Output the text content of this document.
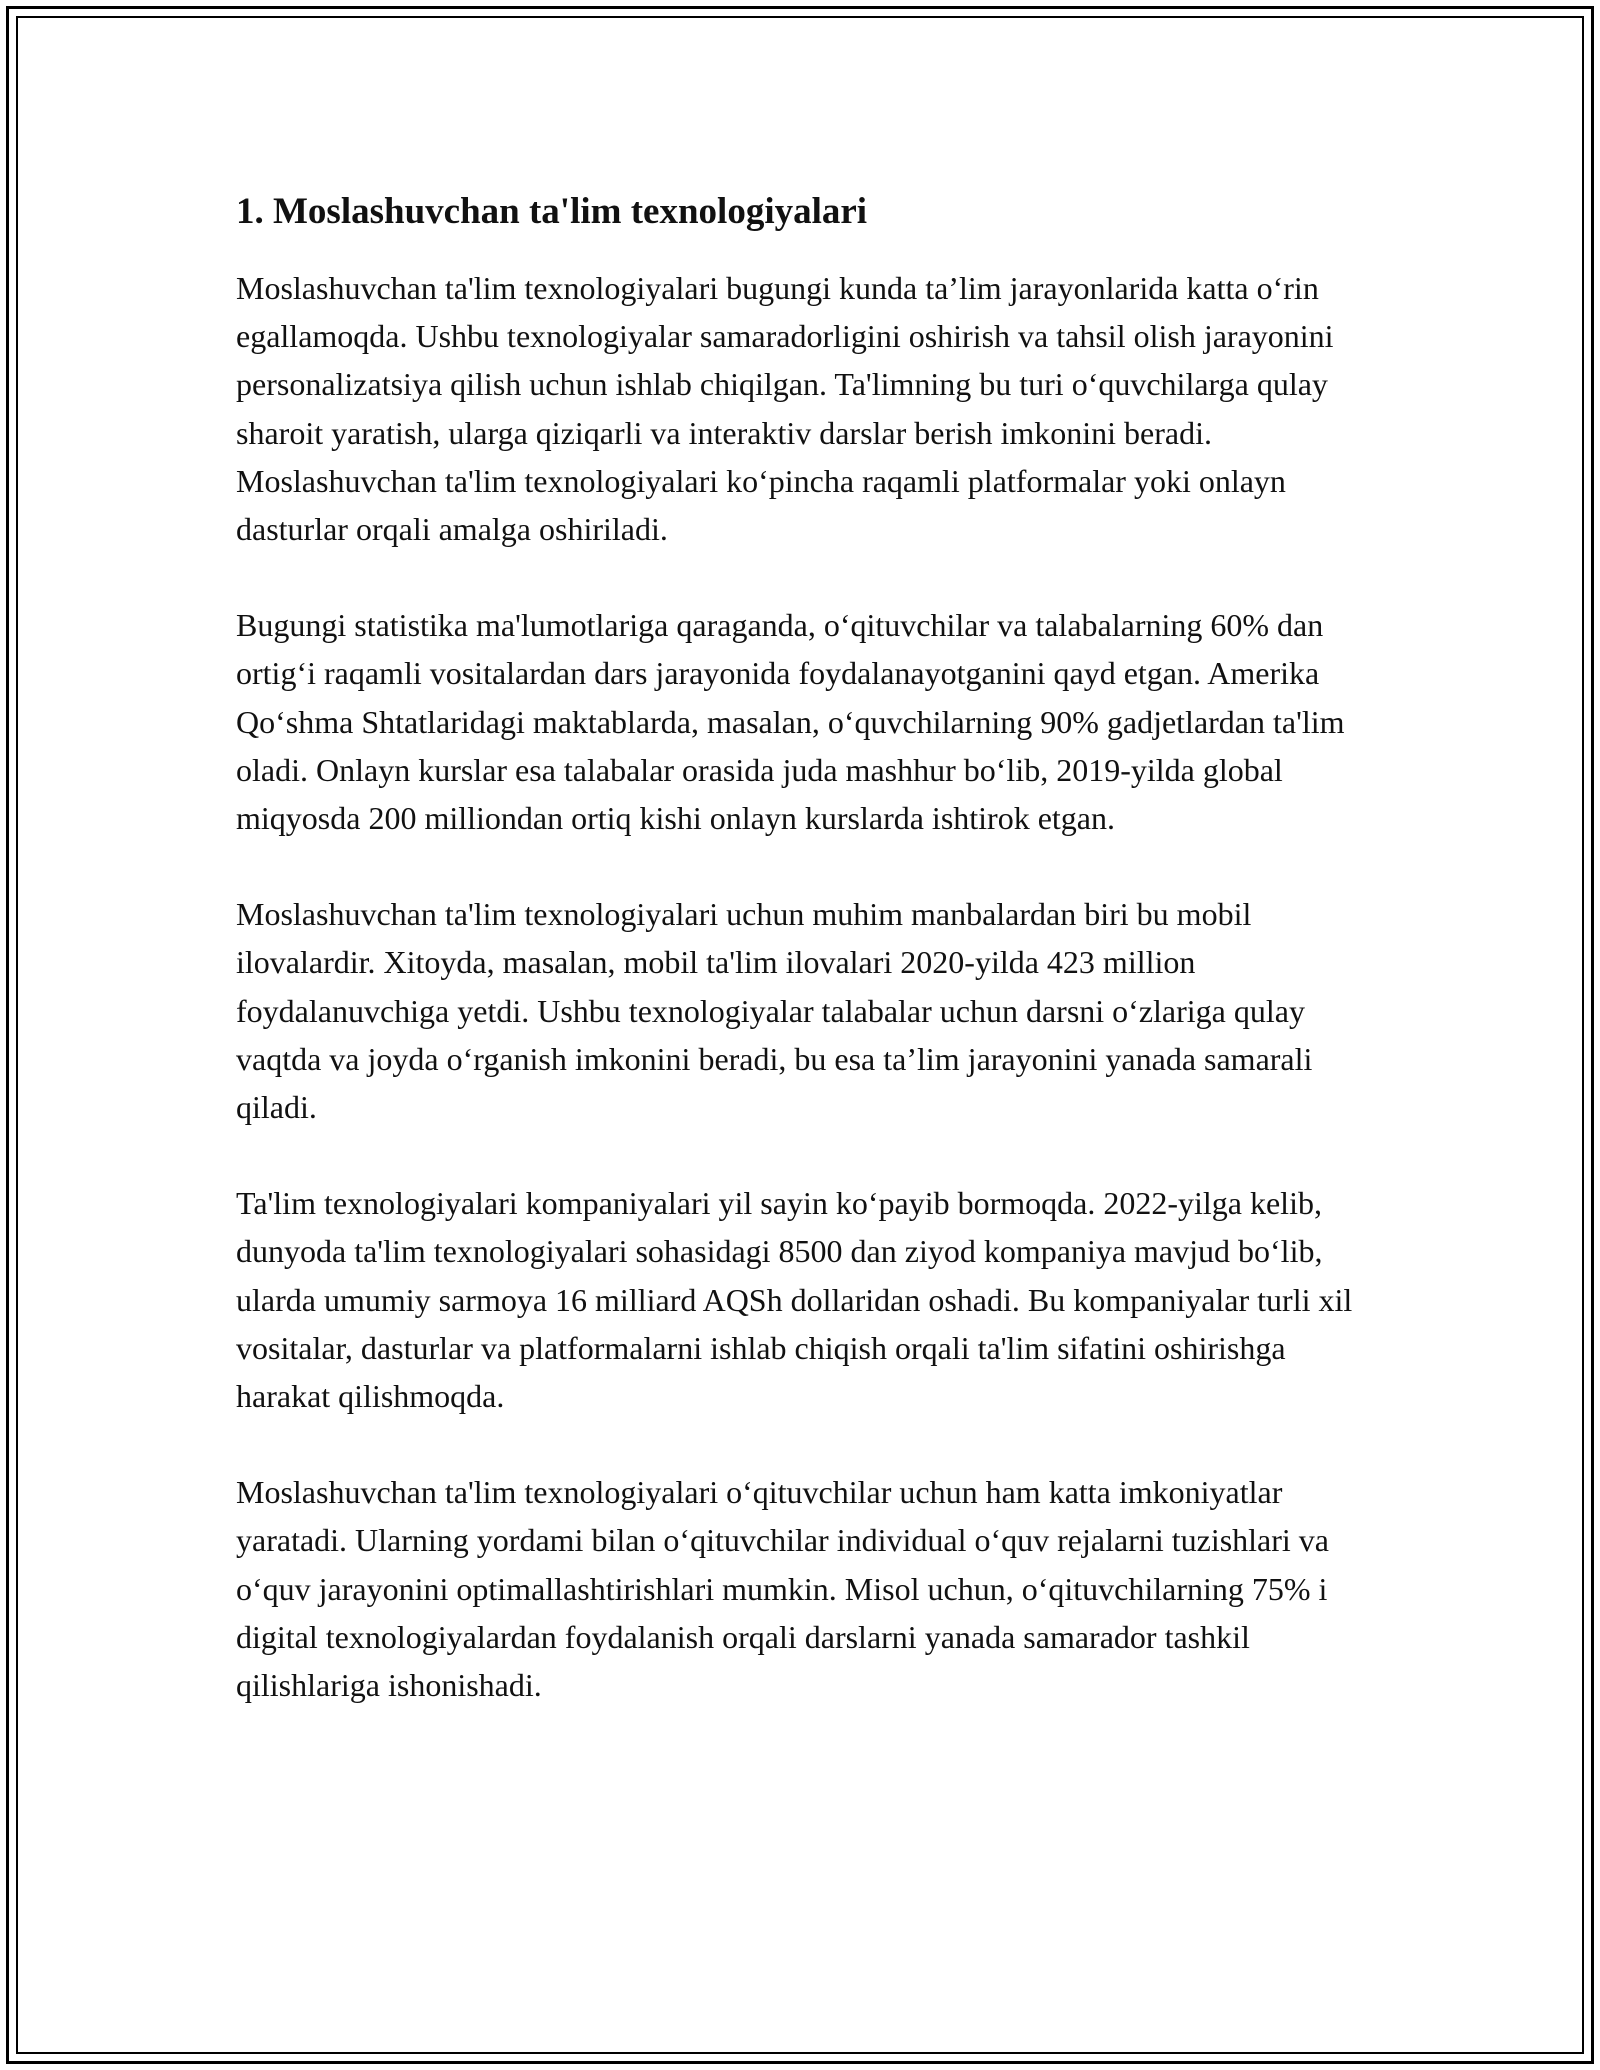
1. Moslashuvchan ta'lim texnologiyalari

Moslashuvchan ta'lim texnologiyalari bugungi kunda ta’lim jarayonlarida katta o‘rin egallamoqda. Ushbu texnologiyalar samaradorligini oshirish va tahsil olish jarayonini personalizatsiya qilish uchun ishlab chiqilgan. Ta'limning bu turi o‘quvchilarga qulay sharoit yaratish, ularga qiziqarli va interaktiv darslar berish imkonini beradi. Moslashuvchan ta'lim texnologiyalari ko‘pincha raqamli platformalar yoki onlayn dasturlar orqali amalga oshiriladi.

Bugungi statistika ma'lumotlariga qaraganda, o‘qituvchilar va talabalarning 60% dan ortig‘i raqamli vositalardan dars jarayonida foydalanayotganini qayd etgan. Amerika Qo‘shma Shtatlaridagi maktablarda, masalan, o‘quvchilarning 90% gadjetlardan ta'lim oladi. Onlayn kurslar esa talabalar orasida juda mashhur bo‘lib, 2019-yilda global miqyosda 200 milliondan ortiq kishi onlayn kurslarda ishtirok etgan.

Moslashuvchan ta'lim texnologiyalari uchun muhim manbalardan biri bu mobil ilovalardir. Xitoyda, masalan, mobil ta'lim ilovalari 2020-yilda 423 million foydalanuvchiga yetdi. Ushbu texnologiyalar talabalar uchun darsni o‘zlariga qulay vaqtda va joyda o‘rganish imkonini beradi, bu esa ta’lim jarayonini yanada samarali qiladi.

Ta'lim texnologiyalari kompaniyalari yil sayin ko‘payib bormoqda. 2022-yilga kelib, dunyoda ta'lim texnologiyalari sohasidagi 8500 dan ziyod kompaniya mavjud bo‘lib, ularda umumiy sarmoya 16 milliard AQSh dollaridan oshadi. Bu kompaniyalar turli xil vositalar, dasturlar va platformalarni ishlab chiqish orqali ta'lim sifatini oshirishga harakat qilishmoqda.

Moslashuvchan ta'lim texnologiyalari o‘qituvchilar uchun ham katta imkoniyatlar yaratadi. Ularning yordami bilan o‘qituvchilar individual o‘quv rejalarni tuzishlari va o‘quv jarayonini optimallashtirishlari mumkin. Misol uchun, o‘qituvchilarning 75% i digital texnologiyalardan foydalanish orqali darslarni yanada samarador tashkil qilishlariga ishonishadi.
